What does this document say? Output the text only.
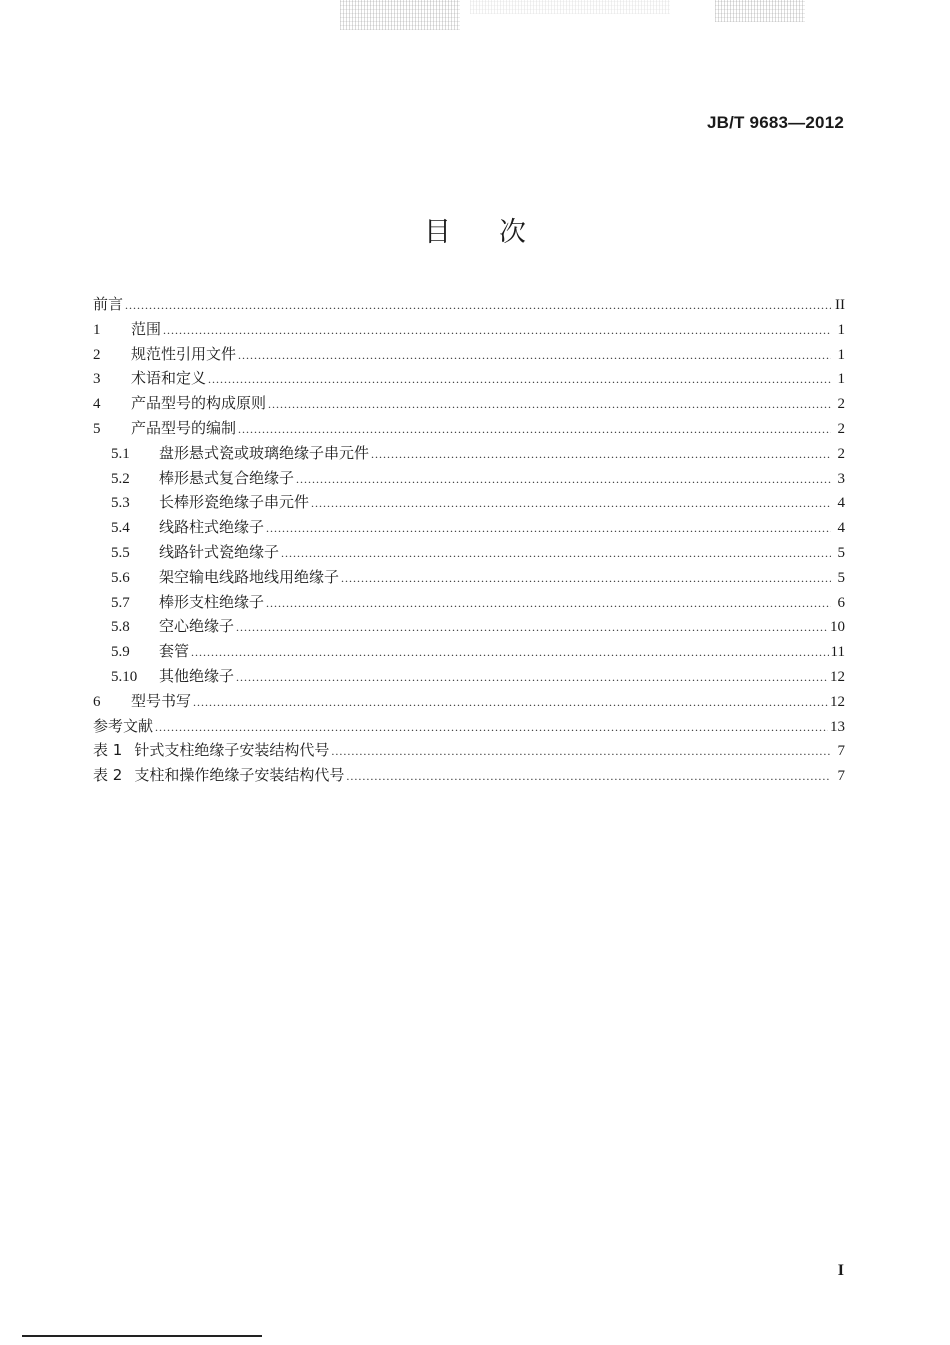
JB/T 9683—2012
目次
前言 .....	II
1	范围 .....	1
2	规范性引用文件 .....	1
3	术语和定义 .....	1
4	产品型号的构成原则 .....	2
5	产品型号的编制 .....	2
5.1	盘形悬式瓷或玻璃绝缘子串元件 .....	2
5.2	棒形悬式复合绝缘子 .....	3
5.3	长棒形瓷绝缘子串元件 .....	4
5.4	线路柱式绝缘子 .....	4
5.5	线路针式瓷绝缘子 .....	5
5.6	架空输电线路地线用绝缘子 .....	5
5.7	棒形支柱绝缘子 .....	6
5.8	空心绝缘子 .....	10
5.9	套管 .....	11
5.10	其他绝缘子 .....	12
6	型号书写 .....	12
参考文献 .....	13
表 1 针式支柱绝缘子安装结构代号 .....	7
表 2 支柱和操作绝缘子安装结构代号 .....	7
I
